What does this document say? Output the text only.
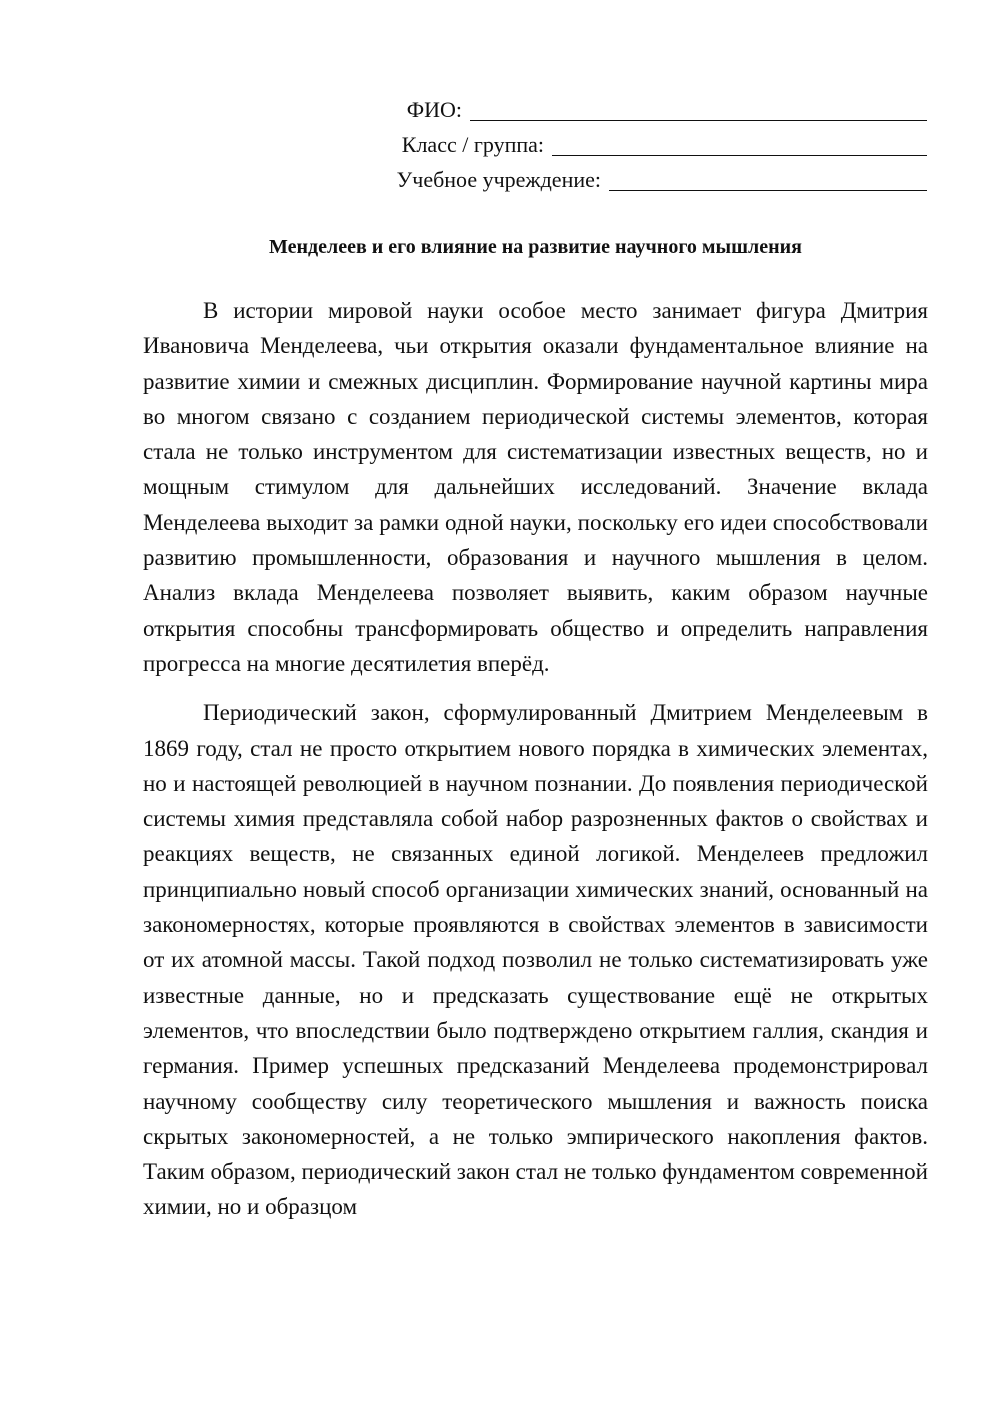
ФИО:
Класс / группа:
Учебное учреждение:
Менделеев и его влияние на развитие научного мышления

В истории мировой науки особое место занимает фигура Дмитрия Ивановича Менделеева, чьи открытия оказали фундаментальное влияние на развитие химии и смежных дисциплин. Формирование научной картины мира во многом связано с созданием периодической системы элементов, которая стала не только инструментом для систематизации известных веществ, но и мощным стимулом для дальнейших исследований. Значение вклада Менделеева выходит за рамки одной науки, поскольку его идеи способствовали развитию промышленности, образования и научного мышления в целом. Анализ вклада Менделеева позволяет выявить, каким образом научные открытия способны трансформировать общество и определить направления прогресса на многие десятилетия вперёд.

Периодический закон, сформулированный Дмитрием Менделеевым в 1869 году, стал не просто открытием нового порядка в химических элементах, но и настоящей революцией в научном познании. До появления периодической системы химия представляла собой набор разрозненных фактов о свойствах и реакциях веществ, не связанных единой логикой. Менделеев предложил принципиально новый способ организации химических знаний, основанный на закономерностях, которые проявляются в свойствах элементов в зависимости от их атомной массы. Такой подход позволил не только систематизировать уже известные данные, но и предсказать существование ещё не открытых элементов, что впоследствии было подтверждено открытием галлия, скандия и германия. Пример успешных предсказаний Менделеева продемонстрировал научному сообществу силу теоретического мышления и важность поиска скрытых закономерностей, а не только эмпирического накопления фактов. Таким образом, периодический закон стал не только фундаментом современной химии, но и образцом
